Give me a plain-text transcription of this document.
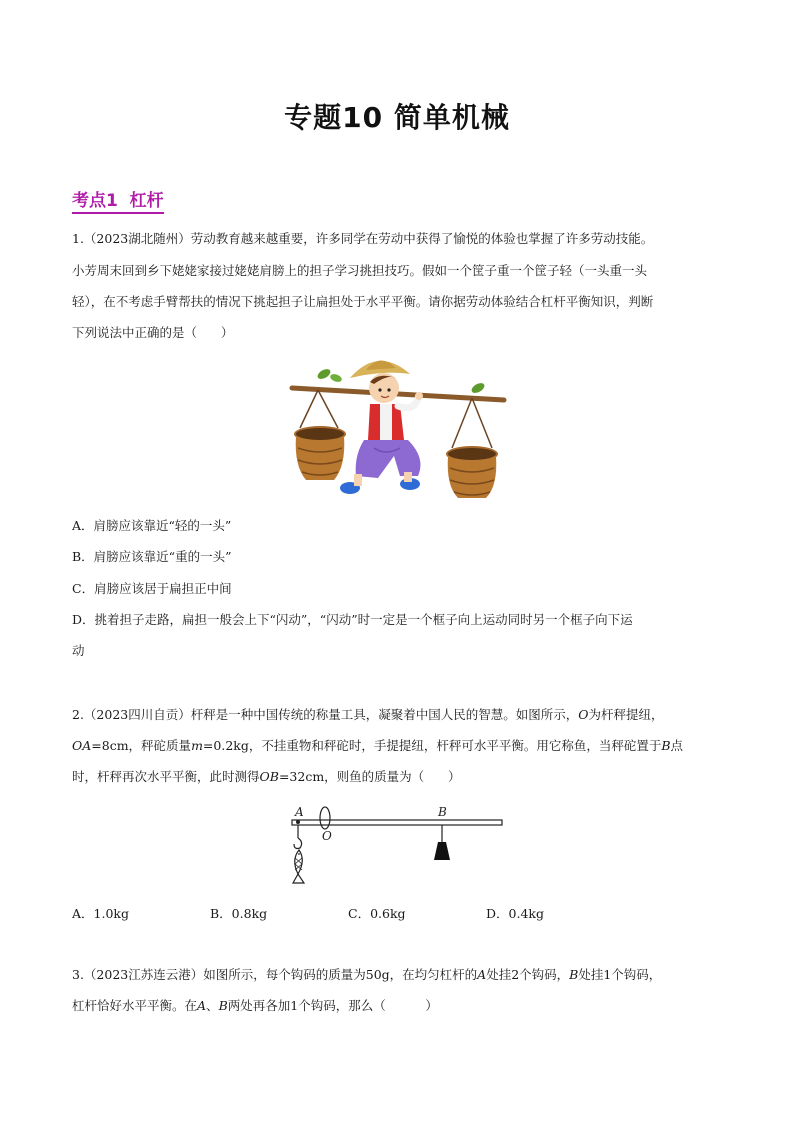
专题10 简单机械
考点1  杠杆
1.（2023湖北随州）劳动教育越来越重要，许多同学在劳动中获得了愉悦的体验也掌握了许多劳动技能。
小芳周末回到乡下姥姥家接过姥姥肩膀上的担子学习挑担技巧。假如一个筐子重一个筐子轻（一头重一头
轻），在不考虑手臂帮扶的情况下挑起担子让扁担处于水平平衡。请你据劳动体验结合杠杆平衡知识，判断
下列说法中正确的是（      ）
A．肩膀应该靠近“轻的一头”
B．肩膀应该靠近“重的一头”
C．肩膀应该居于扁担正中间
D．挑着担子走路，扁担一般会上下“闪动”，“闪动”时一定是一个框子向上运动同时另一个框子向下运
动
2.（2023四川自贡）杆秤是一种中国传统的称量工具，凝聚着中国人民的智慧。如图所示，O为杆秤提纽，
OA=8cm，秤砣质量m=0.2kg，不挂重物和秤砣时，手提提纽，杆秤可水平平衡。用它称鱼，当秤砣置于B点
时，杆秤再次水平平衡，此时测得OB=32cm，则鱼的质量为（      ）
A
O
B
A．1.0kg	B．0.8kg	C．0.6kg	D．0.4kg
3.（2023江苏连云港）如图所示，每个钩码的质量为50g，在均匀杠杆的A处挂2个钩码，B处挂1个钩码，
杠杆恰好水平平衡。在A、B两处再各加1个钩码，那么（          ）
